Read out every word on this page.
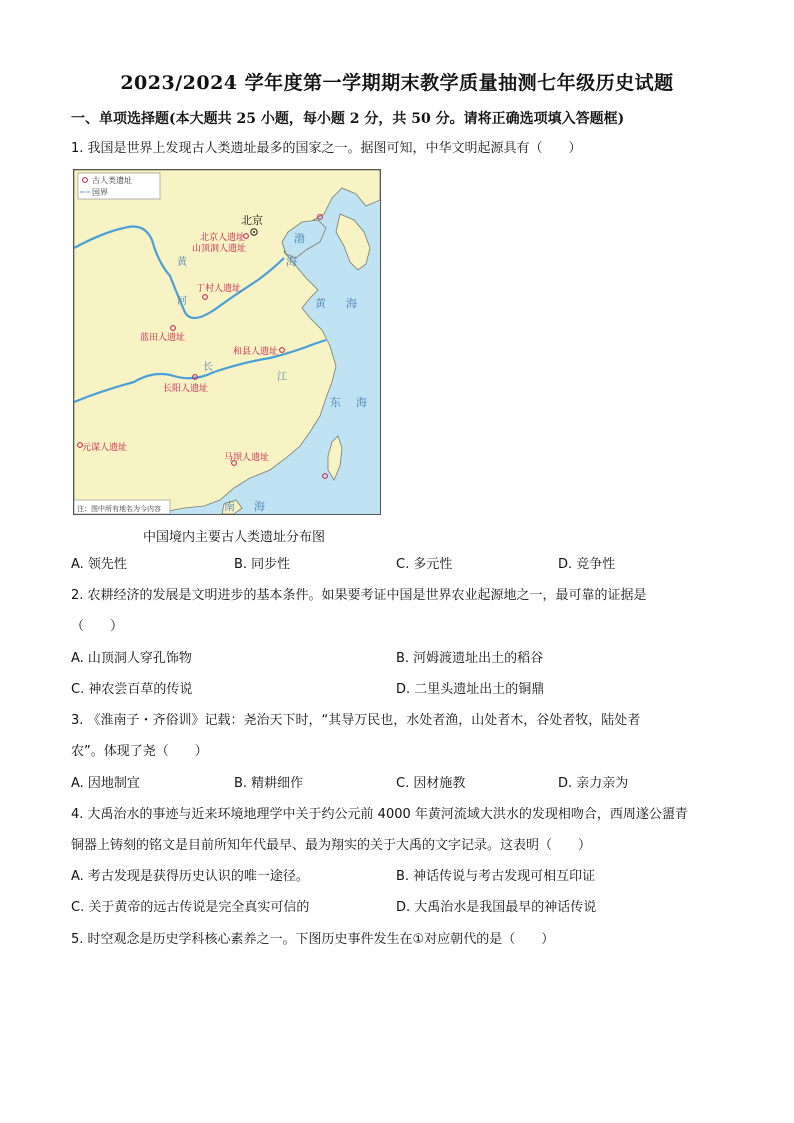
2023/2024 学年度第一学期期末教学质量抽测七年级历史试题
一、单项选择题(本大题共 25 小题，每小题 2 分，共 50 分。请将正确选项填入答题框)
1. 我国是世界上发现古人类遗址最多的国家之一。据图可知，中华文明起源具有（　　）
古人类遗址
国界
北京
北京人遗址
山顶洞人遗址
丁村人遗址
蓝田人遗址
和县人遗址
长阳人遗址
元谋人遗址
马坝人遗址
黄
河
渤
海
黄 海
长
江
东 海
南 海
注：图中所有地名为今内容
中国境内主要古人类遗址分布图
A. 领先性	B. 同步性	C. 多元性	D. 竞争性
2. 农耕经济的发展是文明进步的基本条件。如果要考证中国是世界农业起源地之一，最可靠的证据是
（　　）
A. 山顶洞人穿孔饰物	B. 河姆渡遗址出土的稻谷
C. 神农尝百草的传说	D. 二里头遗址出土的铜鼎
3. 《淮南子・齐俗训》记载：尧治天下时，“其导万民也，水处者渔，山处者木，谷处者牧，陆处者
农”。体现了尧（　　）
A. 因地制宜	B. 精耕细作	C. 因材施教	D. 亲力亲为
4. 大禹治水的事迹与近来环境地理学中关于约公元前 4000 年黄河流域大洪水的发现相吻合，西周遂公盨青
铜器上铸刻的铭文是目前所知年代最早、最为翔实的关于大禹的文字记录。这表明（　　）
A. 考古发现是获得历史认识的唯一途径。	B. 神话传说与考古发现可相互印证
C. 关于黄帝的远古传说是完全真实可信的	D. 大禹治水是我国最早的神话传说
5. 时空观念是历史学科核心素养之一。下图历史事件发生在①对应朝代的是（　　）
